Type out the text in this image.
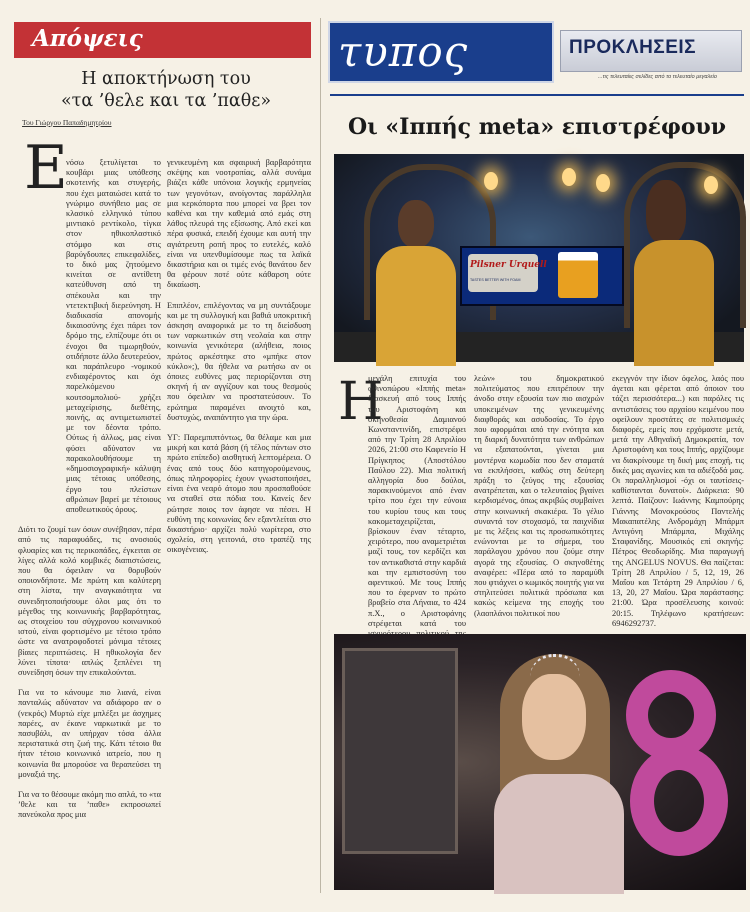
Απόψεις
Η αποκτήνωση του
«τα ’θελε και τα ’παθε»
Του Γιώργου Παπαδημητρίου
Ε

νόσω ξετυλίγεται το κουβάρι μιας υπόθεσης σκοτεινής και στυγερής, που έχει ματαιώσει κατά το γνώριμο συνήθειο μας σε κλασικό ελληνικό τύπου μιντιακό ρεντίκολο, τίγκα στον ηθικοπλαστικό στόμφο και στις βαρύγδουπες επικεφαλίδες, το δικό μας ζητούμενο κινείται σε αντίθετη κατεύθυνση από τη σπέκουλα και την ντετεκτιβική διερεύνηση. Η διαδικασία απονομής δικαιοσύνης έχει πάρει τον δρόμο της, ελπίζουμε ότι οι ένοχοι θα τιμωρηθούν, οτιδήποτε άλλο δευτερεύον, και παράπλευρο -νομικού ενδιαφέροντος και όχι παρελκόμενου κουτσομπολιού- χρήζει μεταχείρισης, διεθέτης, ποινής, ας αντιμετωπιστεί με τον δέοντα τρόπο. Ούτως ή άλλως, μας είναι φύσει αδύνατον να παρακολουθήσουμε τη «δημοσιογραφική» κάλυψη μιας τέτοιας υπόθεσης, έργο του πλείστων αθρώπων βαρεί με τέτοιους αποθεωτικούς όρους.

Διότι το ζουμί των όσων συνέβησαν, πέρα από τις παραφυάδες, τις ανοσιούς φλυαρίες και τις περικοπάδες, έγκειται σε λίγες αλλά κολό κομβικές διαπιστώσεις, που θα όφειλαν να θορυβούν οποιονδήποτε. Με πρώτη και καλύτερη στη λίστα, την αναγκαιότητα να συνειδητοποιήσουμε όλοι μας ότι το μέγεθος της κοινωνικής βαρβαρότητας, ως στοιχείου του σύγχρονου κοινωνικού ιστού, είναι φορτισμένο με τέτοιο τρόπο ώστε να ανατροφοδοτεί μόνιμα τέτοιες βίαιες περιπτώσεις. Η ηθικολογία δεν λύνει τίποτα· απλώς ξεπλένει τη συνείδηση όσων την επικαλούνται.

Για να το κάνουμε πιο λιανά, είναι πανταλώς αδύνατον να αδιάφορο αν ο (νεκρός) Μυρτώ είχε μπλέξει με άσχημες παρέες, αν έκανε ναρκωτικά με το πασυβάλι, αν υπήρχαν τόσα άλλα περιστατικά στη ζωή της. Κάτι τέτοιο θα ήταν τέτοιο κοινωνικό ιατρείο, που η κοινωνία θα μπορούσε να θεραπεύσει τη μοναξιά της.

Για να το θέσουμε ακόμη πιο απλά, το «τα ’θελε και τα ’παθε» εκπροσωπεί πανεύκολα προς μια

γενικευμένη και σφαιρική βαρβαρότητα σκέψης και νοοτροπίας, αλλά συνάμα βιάζει κάθε υπόνοια λογικής ερμηνείας των γεγονότων, ανοίγοντας παράλληλα μια κερκόπορτα που μπορεί να βρει τον καθένα και την καθεμιά από εμάς στη λάθος πλευρά της εξίσωσης. Από εκεί και πέρα φυσικά, επειδή έχουμε και αυτή την αγιάτρευτη ροπή προς το ευτελές, καλό είναι να υπενθυμίσουμε πως τα λαϊκά δικαστήρια και οι τιμές ενός θανάτου δεν θα φέρουν ποτέ ούτε κάθαρση ούτε δικαίωση.

Επιπλέον, επιλέγοντας να μη συντάξουμε και με τη συλλογική και βαθιά υποκριτική άσκηση αναφορικά με το τη διείσδυση των ναρκωτικών στη νεολαία και στην κοινωνία γενικότερα (αλήθεια, ποιος πρώτος αρκέστηκε στο «μπήκε στον κύκλο»;), θα ήθελα να ρωτήσω αν οι όποιες ευθύνες μας περιορίζονται στη σκηνή ή αν αγγίζουν και τους θεσμούς που όφειλαν να προστατεύσουν. Το ερώτημα παραμένει ανοιχτό και, δυστυχώς, αναπάντητο για την ώρα.

ΥΓ: Παρεμπιπτόντως, θα θέλαμε και μια μικρή και κατά βάση (ή τέλος πάντων στο πρώτο επίπεδο) αισθητική λεπτομέρεια. Ο ένας από τους δύο κατηγορούμενους, όπως πληροφορίες έχουν γνωστοποιήσει, είναι ένα νεαρό άτομο που προσπαθούσε να σταθεί στα πόδια του. Κανείς δεν ρώτησε ποιος τον άφησε να πέσει. Η ευθύνη της κοινωνίας δεν εξαντλείται στο δικαστήριο· αρχίζει πολύ νωρίτερα, στο σχολείο, στη γειτονιά, στο τραπέζι της οικογένειας.

τυπος	ΠΡΟΚΛΗΣΕΙΣ
...τις τελευταίες σελίδες από το τελευταίο μεγαλείο
Οι «Ιππής meta» επιστρέφουν
Pilsner Urquell
TASTES BETTER WITH FOAM
Η

μεγάλη επιτυχία του φθινοπώρου «Ιππής meta» διασκευή από τους Ιππής του Αριστοφάνη και σκηνοθεσία Δαμιανού Κωνσταντινίδη, επιστρέφει από την Τρίτη 28 Απριλίου 2026, 21:00 στο Καφενείο Η Πρίγκηπος (Αποστόλου Παύλου 22). Μια πολιτική αλληγορία δυο δούλοι, παρακινούμενοι από έναν τρίτο που έχει την εύνοια του κυρίου τους και τους κακομεταχειρίζεται, βρίσκουν έναν τέταρτο, χειρότερο, που αναμετριέται μαζί τους, τον κερδίζει και τον αντικαθιστά στην καρδιά και την εμπιστοσύνη του αφεντικού. Με τους Ιππής που το έφερναν το πρώτο βραβείο στα Λήναια, το 424 π.Χ., ο Αριστοφάνης στρέφεται κατά του

λεών» του δημοκρατικού πολιτεύματος που επιτρέπουν την άνοδο στην εξουσία των πιο αισχρών υποκειμένων της γενικευμένης διαφθοράς και ασυδοσίας. Το έργο που αφορμάται από την ενότητα και τη διαρκή δυνατότητα των ανθρώπων να εξαπατούνται, γίνεται μια μοντέρνα κωμωδία που δεν σταματά να εκπλήσσει, καθώς στη δεύτερη πράξη το ζεύγος της εξουσίας ανατρέπεται, και ο τελευταίος βγαίνει κερδισμένος, όπως ακριβώς συμβαίνει στην κοινωνική σκακιέρα. Το γέλιο συναντά τον στοχασμό, τα παιχνίδια με τις λέξεις και τις προσωπικότητες ενώνονται με το σήμερα, του παράλογου χρόνου που ζούμε στην αγορά της εξουσίας. Ο σκηνοθέτης αναφέρει: «Πέρα από το παραμύθι που φτιάχνει ο κωμικός ποιητής για να στηλιτεύσει πολιτικά πρόσωπα και κακώς κείμενα της εποχής του (λαοπλάνοι πολιτικοί που

εκεγγνόν την ίδιον όφελος, λαός που άγεται και φέρεται από όποιον του τάζει περισσότερα...) και παρόλες τις αντιστάσεις του αρχαίου κειμένου που οφείλουν προστάτες σε πολιτισμικές διαφορές, εμείς που ερχόμαστε μετά, μετά την Αθηναϊκή Δημοκρατία, τον Αριστοφάνη και τους Ιππής, αρχίζουμε να διακρίνουμε τη δική μας εποχή, τις δικές μας αγωνίες και τα αδιέξοδά μας. Οι παραλληλισμοί -όχι οι ταυτίσεις- καθίστανται δυνατοί». Διάρκεια: 90 λεπτά. Παίζουν: Ιωάννης Καμπούρης Γιάννης Μονοκρούσος Παντελής Μακαπατέλης Ανδρομάχη Μπάρμπ Αντιγόνη Μπάρμπα, Μιχάλης Σταφανίδης. Μουσικός επί σκηνής: Πέτρος Θεοδωρίδης. Μια παραγωγή της ANGELUS NOVUS. Θα παίζεται: Τρίτη 28 Απριλίου / 5, 12, 19, 26 Μαΐου και Τετάρτη 29 Απριλίου / 6, 13, 20, 27 Μαΐου. Ώρα παράστασης: 21:00. Ώρα προσέλευσης κοινού: 20:15. Τηλέφωνο κρατήσεων: 6946292737.
